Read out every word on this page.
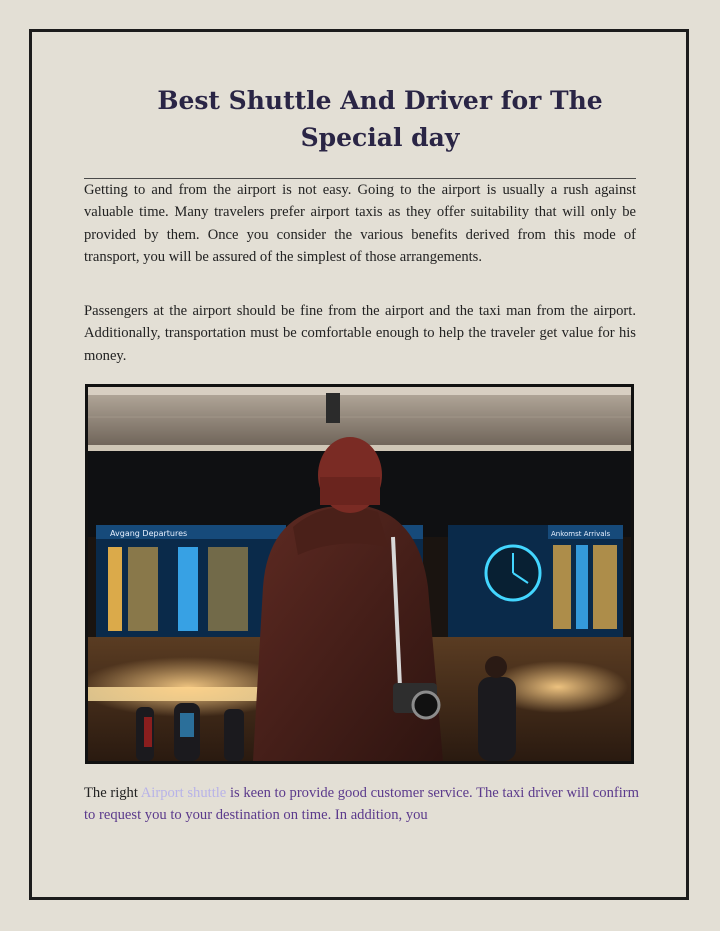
Best Shuttle And Driver for The
Special day

Getting to and from the airport is not easy. Going to the airport is usually a rush against valuable time. Many travelers prefer airport taxis as they offer suitability that will only be provided by them. Once you consider the various benefits derived from this mode of transport, you will be assured of the simplest of those arrangements.

Passengers at the airport should be fine from the airport and the taxi man from the airport. Additionally, transportation must be comfortable enough to help the traveler get value for his money.

Avgang Departures	Ankomst Arrivals

The right Airport shuttle is keen to provide good customer service. The taxi driver will confirm to request you to your destination on time. In addition, you
